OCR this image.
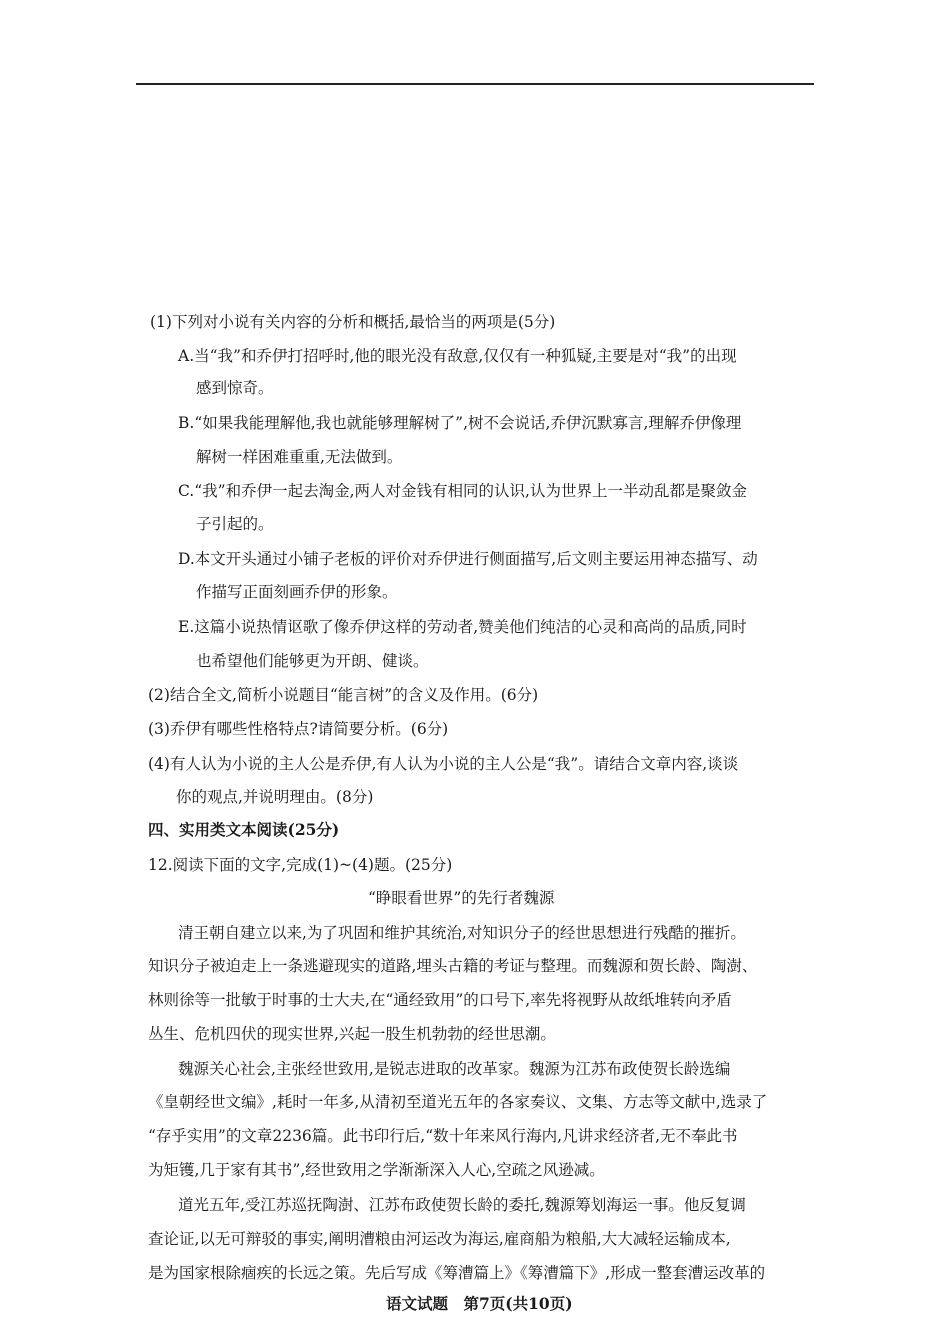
(1)下列对小说有关内容的分析和概括,最恰当的两项是(5分)
A.当“我”和乔伊打招呼时,他的眼光没有敌意,仅仅有一种狐疑,主要是对“我”的出现
感到惊奇。
B.“如果我能理解他,我也就能够理解树了”,树不会说话,乔伊沉默寡言,理解乔伊像理
解树一样困难重重,无法做到。
C.“我”和乔伊一起去淘金,两人对金钱有相同的认识,认为世界上一半动乱都是聚敛金
子引起的。
D.本文开头通过小铺子老板的评价对乔伊进行侧面描写,后文则主要运用神态描写、动
作描写正面刻画乔伊的形象。
E.这篇小说热情讴歌了像乔伊这样的劳动者,赞美他们纯洁的心灵和高尚的品质,同时
也希望他们能够更为开朗、健谈。
(2)结合全文,简析小说题目“能言树”的含义及作用。(6分)
(3)乔伊有哪些性格特点?请简要分析。(6分)
(4)有人认为小说的主人公是乔伊,有人认为小说的主人公是“我”。请结合文章内容,谈谈
你的观点,并说明理由。(8分)
四、实用类文本阅读(25分)
12.阅读下面的文字,完成(1)~(4)题。(25分)
“睁眼看世界”的先行者魏源
清王朝自建立以来,为了巩固和维护其统治,对知识分子的经世思想进行残酷的摧折。
知识分子被迫走上一条逃避现实的道路,埋头古籍的考证与整理。而魏源和贺长龄、陶澍、
林则徐等一批敏于时事的士大夫,在“通经致用”的口号下,率先将视野从故纸堆转向矛盾
丛生、危机四伏的现实世界,兴起一股生机勃勃的经世思潮。
魏源关心社会,主张经世致用,是锐志进取的改革家。魏源为江苏布政使贺长龄选编
《皇朝经世文编》,耗时一年多,从清初至道光五年的各家奏议、文集、方志等文献中,选录了
“存乎实用”的文章2236篇。此书印行后,“数十年来风行海内,凡讲求经济者,无不奉此书
为矩镬,几于家有其书”,经世致用之学渐渐深入人心,空疏之风逊减。
道光五年,受江苏巡抚陶澍、江苏布政使贺长龄的委托,魏源筹划海运一事。他反复调
查论证,以无可辩驳的事实,阐明漕粮由河运改为海运,雇商船为粮船,大大减轻运输成本,
是为国家根除痼疾的长远之策。先后写成《筹漕篇上》《筹漕篇下》,形成一整套漕运改革的
语文试题　第7页(共10页)
